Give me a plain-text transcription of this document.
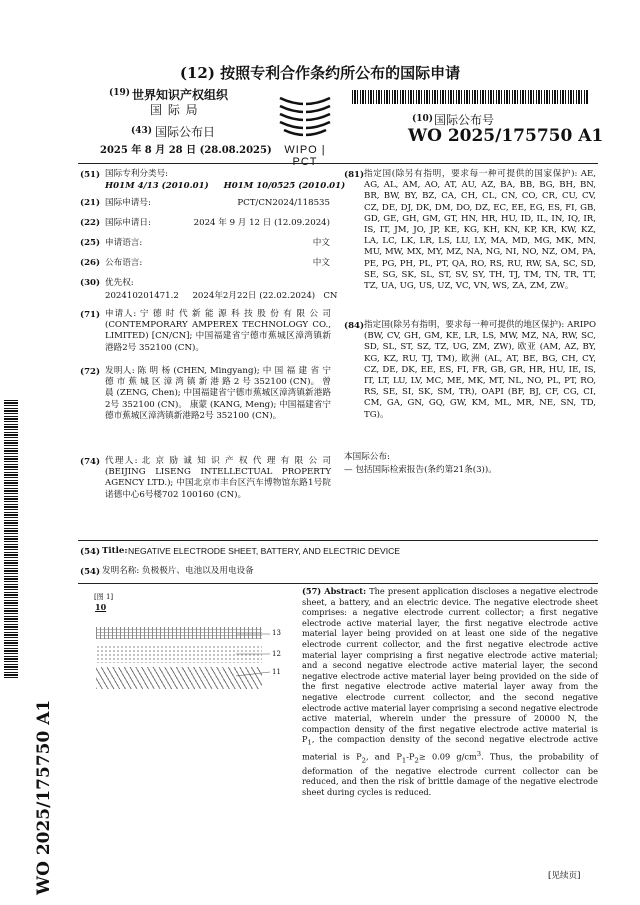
(12) 按照专利合作条约所公布的国际申请
(19) 世界知识产权组织
国 际 局
(43) 国际公布日
2025 年 8 月 28 日 (28.08.2025)	WIPO | PCT
(10) 国际公布号
WO 2025/175750 A1
WO 2025/175750 A1
(51) 国际专利分类号:
H01M 4/13 (2010.01)     H01M 10/0525 (2010.01)
(21) 国际申请号:	PCT/CN2024/118535
(22) 国际申请日:	2024 年 9 月 12 日 (12.09.2024)
(25) 申请语言:	中文
(26) 公布语言:	中文
(30) 优先权:
202410201471.2     2024年2月22日 (22.02.2024)   CN
(71) 申请人: 宁 德 时 代 新 能 源 科 技 股 份 有 限 公 司 (CONTEMPORARY AMPEREX TECHNOLOGY CO., LIMITED) [CN/CN]; 中国福建省宁德市蕉城区漳湾镇新港路2号 352100 (CN)。
(72) 发明人: 陈 明 杨 (CHEN, Mingyang); 中 国 福 建 省 宁 德 市 蕉 城 区 漳 湾 镇 新 港 路 2 号 352100 (CN)。 曾晨 (ZENG, Chen); 中国福建省宁德市蕉城区漳湾镇新港路2号 352100 (CN)。 康蒙 (KANG, Meng); 中国福建省宁德市蕉城区漳湾镇新港路2号 352100 (CN)。
(74) 代理人: 北 京 励 诚 知 识 产 权 代 理 有 限 公 司(BEIJING LISENG INTELLECTUAL PROPERTY AGENCY LTD.); 中国北京市丰台区汽车博物馆东路1号院诺德中心6号楼702 100160 (CN)。
(81) 指定国(除另有指明，要求每一种可提供的国家保护): AE, AG, AL, AM, AO, AT, AU, AZ, BA, BB, BG, BH, BN, BR, BW, BY, BZ, CA, CH, CL, CN, CO, CR, CU, CV, CZ, DE, DJ, DK, DM, DO, DZ, EC, EE, EG, ES, FI, GB, GD, GE, GH, GM, GT, HN, HR, HU, ID, IL, IN, IQ, IR, IS, IT, JM, JO, JP, KE, KG, KH, KN, KP, KR, KW, KZ, LA, LC, LK, LR, LS, LU, LY, MA, MD, MG, MK, MN, MU, MW, MX, MY, MZ, NA, NG, NI, NO, NZ, OM, PA, PE, PG, PH, PL, PT, QA, RO, RS, RU, RW, SA, SC, SD, SE, SG, SK, SL, ST, SV, SY, TH, TJ, TM, TN, TR, TT, TZ, UA, UG, US, UZ, VC, VN, WS, ZA, ZM, ZW。
(84) 指定国(除另有指明，要求每一种可提供的地区保护): ARIPO (BW, CV, GH, GM, KE, LR, LS, MW, MZ, NA, RW, SC, SD, SL, ST, SZ, TZ, UG, ZM, ZW), 欧亚 (AM, AZ, BY, KG, KZ, RU, TJ, TM), 欧洲 (AL, AT, BE, BG, CH, CY, CZ, DE, DK, EE, ES, FI, FR, GB, GR, HR, HU, IE, IS, IT, LT, LU, LV, MC, ME, MK, MT, NL, NO, PL, PT, RO, RS, SE, SI, SK, SM, TR), OAPI (BF, BJ, CF, CG, CI, CM, GA, GN, GQ, GW, KM, ML, MR, NE, SN, TD, TG)。
本国际公布:
— 包括国际检索报告(条约第21条(3))。
(54) Title: NEGATIVE ELECTRODE SHEET, BATTERY, AND ELECTRIC DEVICE
(54) 发明名称: 负极极片、电池以及用电设备
[图 1]
10
13
12
11
(57) Abstract: The present application discloses a negative electrode sheet, a battery, and an electric device. The negative electrode sheet comprises: a negative electrode current collector; a first negative electrode active material layer, the first negative electrode active material layer being provided on at least one side of the negative electrode current collector, and the first negative electrode active material layer comprising a first negative electrode active material; and a second negative electrode active material layer, the second negative electrode active material layer being provided on the side of the first negative electrode active material layer away from the negative electrode current collector, and the second negative electrode active material layer comprising a second negative electrode active material, wherein under the pressure of 20000 N, the compaction density of the first negative electrode active material is $P_1$, the compaction density of the second negative electrode active material is $P_2$, and $P_1-P_2\ge 0.09$ $g/cm^3$. Thus, the probability of deformation of the negative electrode current collector can be reduced, and then the risk of brittle damage of the negative electrode sheet during cycles is reduced.
[见续页]
